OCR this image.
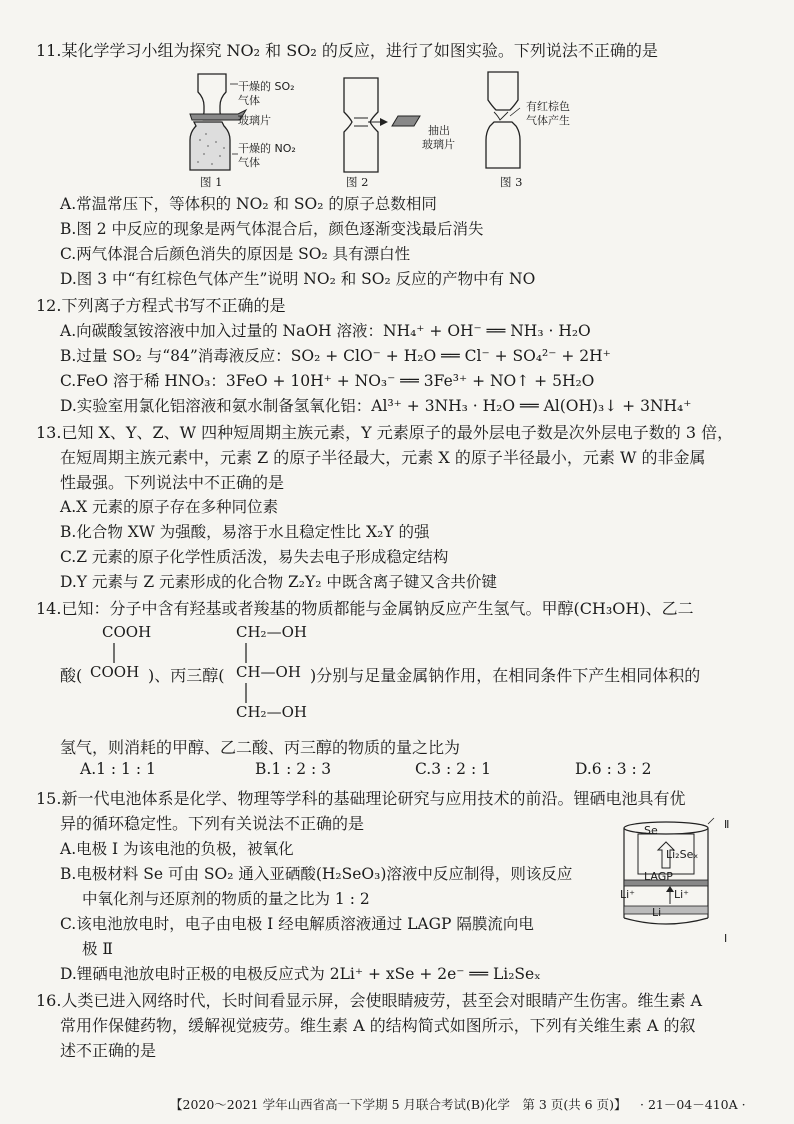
11.某化学学习小组为探究 NO₂ 和 SO₂ 的反应，进行了如图实验。下列说法不正确的是
干燥的 SO₂
气体
玻璃片
干燥的 NO₂
气体
图 1
抽出
玻璃片
图 2
有红棕色
气体产生
图 3
A.常温常压下，等体积的 NO₂ 和 SO₂ 的原子总数相同
B.图 2 中反应的现象是两气体混合后，颜色逐渐变浅最后消失
C.两气体混合后颜色消失的原因是 SO₂ 具有漂白性
D.图 3 中“有红棕色气体产生”说明 NO₂ 和 SO₂ 反应的产物中有 NO
12.下列离子方程式书写不正确的是
A.向碳酸氢铵溶液中加入过量的 NaOH 溶液：NH₄⁺ + OH⁻ ══ NH₃ · H₂O
B.过量 SO₂ 与“84”消毒液反应：SO₂ + ClO⁻ + H₂O ══ Cl⁻ + SO₄²⁻ + 2H⁺
C.FeO 溶于稀 HNO₃：3FeO + 10H⁺ + NO₃⁻ ══ 3Fe³⁺ + NO↑ + 5H₂O
D.实验室用氯化铝溶液和氨水制备氢氧化铝：Al³⁺ + 3NH₃ · H₂O ══ Al(OH)₃↓ + 3NH₄⁺
13.已知 X、Y、Z、W 四种短周期主族元素，Y 元素原子的最外层电子数是次外层电子数的 3 倍，
在短周期主族元素中，元素 Z 的原子半径最大，元素 X 的原子半径最小，元素 W 的非金属
性最强。下列说法中不正确的是
A.X 元素的原子存在多种同位素
B.化合物 XW 为强酸，易溶于水且稳定性比 X₂Y 的强
C.Z 元素的原子化学性质活泼，易失去电子形成稳定结构
D.Y 元素与 Z 元素形成的化合物 Z₂Y₂ 中既含离子键又含共价键
14.已知：分子中含有羟基或者羧基的物质都能与金属钠反应产生氢气。甲醇(CH₃OH)、乙二
COOH
酸( COOH )、丙三醇(
CH₂—OH
CH—OH
CH₂—OH
)分别与足量金属钠作用，在相同条件下产生相同体积的
氢气，则消耗的甲醇、乙二酸、丙三醇的物质的量之比为
A.1 : 1 : 1	B.1 : 2 : 3	C.3 : 2 : 1	D.6 : 3 : 2
15.新一代电池体系是化学、物理等学科的基础理论研究与应用技术的前沿。锂硒电池具有优
异的循环稳定性。下列有关说法不正确的是
A.电极 Ⅰ 为该电池的负极，被氧化
B.电极材料 Se 可由 SO₂ 通入亚硒酸(H₂SeO₃)溶液中反应制得，则该反应
中氧化剂与还原剂的物质的量之比为 1 : 2
C.该电池放电时，电子由电极 Ⅰ 经电解质溶液通过 LAGP 隔膜流向电
极 Ⅱ
D.锂硒电池放电时正极的电极反应式为 2Li⁺ + xSe + 2e⁻ ══ Li₂Seₓ
Se
Li₂Seₓ
LAGP
Li⁺	Li⁺
Li
Ⅱ
Ⅰ
16.人类已进入网络时代，长时间看显示屏，会使眼睛疲劳，甚至会对眼睛产生伤害。维生素 A
常用作保健药物，缓解视觉疲劳。维生素 A 的结构简式如图所示，下列有关维生素 A 的叙
述不正确的是
【2020～2021 学年山西省高一下学期 5 月联合考试(B)化学　第 3 页(共 6 页)】 · 21－04－410A ·
